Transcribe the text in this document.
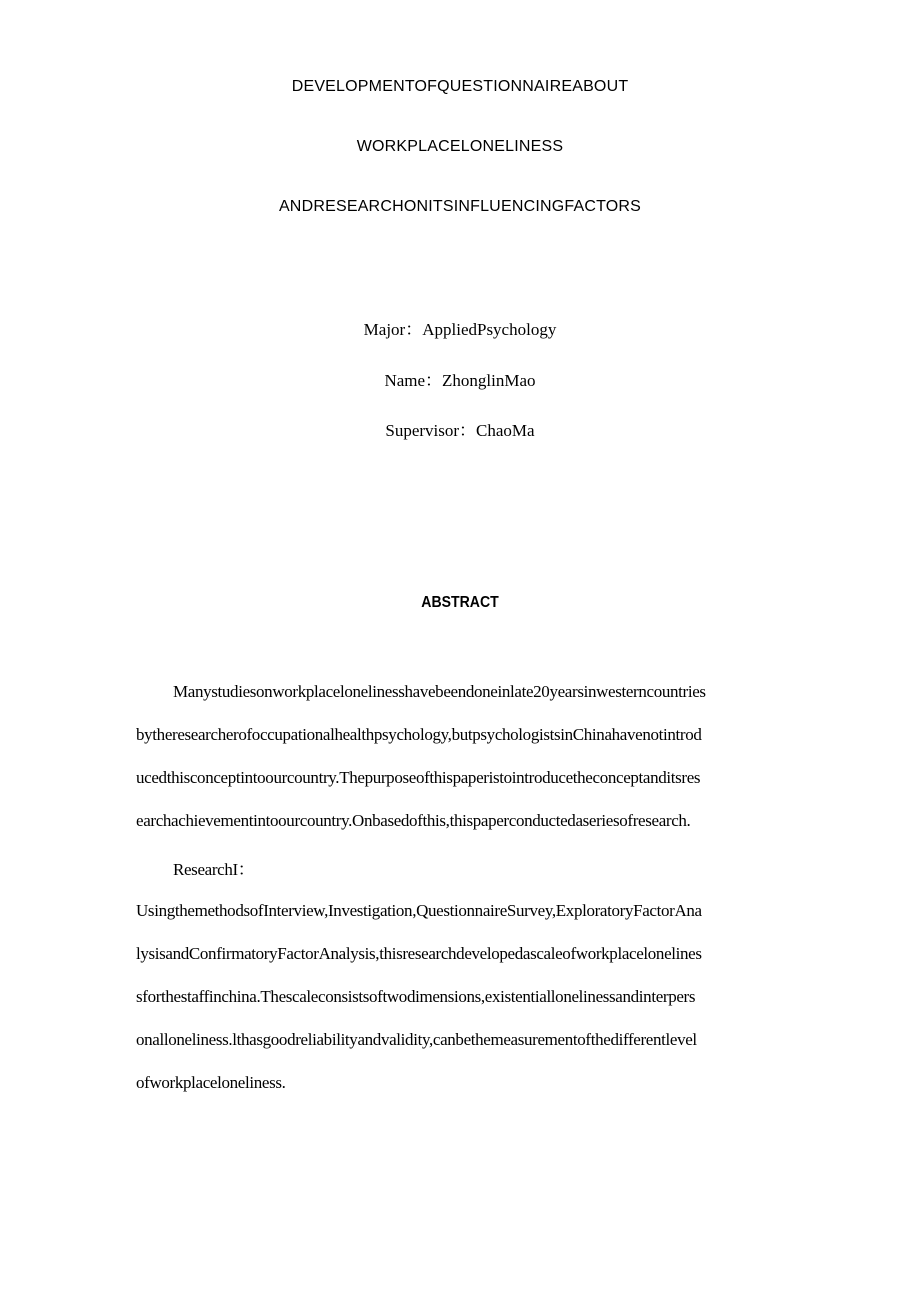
DEVELOPMENTOFQUESTIONNAIREABOUT
WORKPLACELONELINESS
ANDRESEARCHONITSINFLUENCINGFACTORS
Major：AppliedPsychology
Name：ZhonglinMao
Supervisor：ChaoMa
ABSTRACT
Manystudiesonworkplacelonelinesshavebeendoneinlate20yearsinwesterncountries
bytheresearcherofoccupationalhealthpsychology,butpsychologistsinChinahavenotintrod
ucedthisconceptintoourcountry.Thepurposeofthispaperistointroducetheconceptanditsres
earchachievementintoourcountry.Onbasedofthis,thispaperconductedaseriesofresearch.
ResearchI：
UsingthemethodsofInterview,Investigation,QuestionnaireSurvey,ExploratoryFactorAna
lysisandConfirmatoryFactorAnalysis,thisresearchdevelopedascaleofworkplacelonelines
sforthestaffinchina.Thescaleconsistsoftwodimensions,existentiallonelinessandinterpers
onalloneliness.lthasgoodreliabilityandvalidity,canbethemeasurementofthedifferentlevel
ofworkplaceloneliness.
